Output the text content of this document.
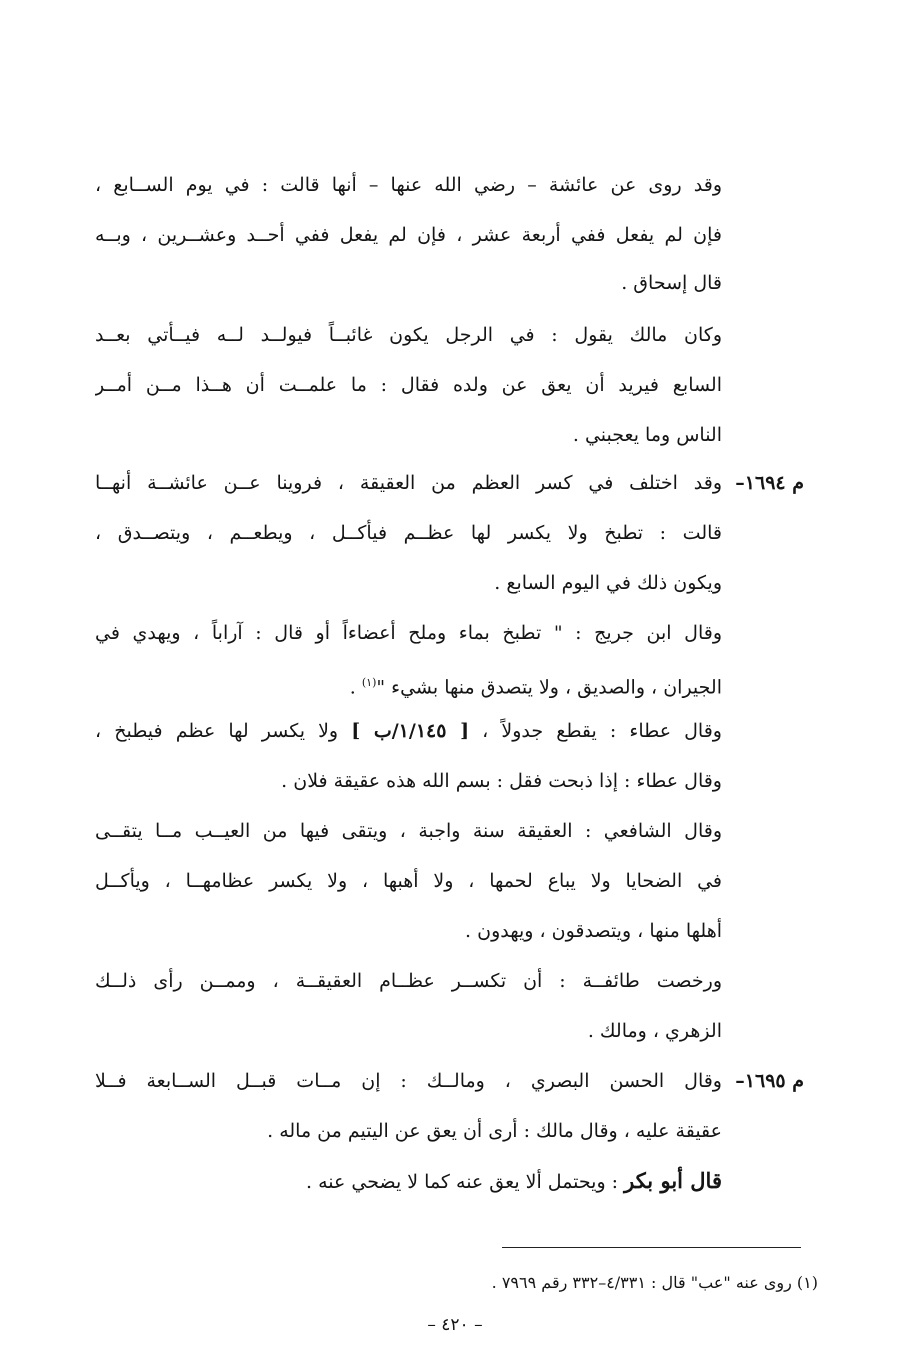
وقد روى عن عائشة – رضي الله عنها – أنها قالت : في يوم الســابع ،
فإن لم يفعل ففي أربعة عشر ، فإن لم يفعل ففي أحــد وعشــرين ، وبــه
قال إسحاق .
وكان مالك يقول : في الرجل يكون غائبــاً فيولــد لــه فيــأتي بعــد
السابع فيريد أن يعق عن ولده فقال : ما علمــت أن هــذا مــن أمــر
الناس وما يعجبني .
م ١٦٩٤–
وقد اختلف في كسر العظم من العقيقة ، فروينا عــن عائشــة أنهــا
قالت : تطبخ ولا يكسر لها عظــم فيأكــل ، ويطعــم ، ويتصــدق ،
ويكون ذلك في اليوم السابع .
وقال ابن جريج : " تطبخ بماء وملح أعضاءاً أو قال : آراباً ، ويهدي في
الجيران ، والصديق ، ولا يتصدق منها بشيء "$^{(١)}$ .
وقال عطاء : يقطع جدولاً ، [ ١/١٤٥/ب ] ولا يكسر لها عظم فيطبخ ،
وقال عطاء : إذا ذبحت فقل : بسم الله هذه عقيقة فلان .
وقال الشافعي : العقيقة سنة واجبة ، ويتقى فيها من العيــب مــا يتقــى
في الضحايا ولا يباع لحمها ، ولا أهبها ، ولا يكسر عظامهــا ، ويأكــل
أهلها منها ، ويتصدقون ، ويهدون .
ورخصت طائفــة : أن تكســر عظــام العقيقــة ، وممــن رأى ذلــك
الزهري ، ومالك .
م ١٦٩٥–
وقال الحسن البصري ، ومالــك : إن مــات قبــل الســابعة فــلا
عقيقة عليه ، وقال مالك : أرى أن يعق عن اليتيم من ماله .
قال أبو بكر : ويحتمل ألا يعق عنه كما لا يضحي عنه .
(١) روى عنه "عب" قال : ٤/٣٣١–٣٣٢ رقم ٧٩٦٩ .
– ٤٢٠ –
